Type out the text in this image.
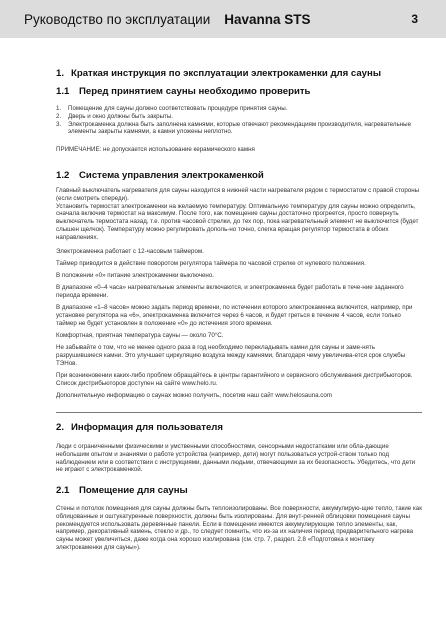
Руководство по эксплуатации Havanna STS	3
1. Краткая инструкция по эксплуатации электрокаменки для сауны
1.1 Перед принятием сауны необходимо проверить
1.	Помещение для сауны должно соответствовать процедуре принятия сауны.
2.	Дверь и окно должны быть закрыты.
3.	Электрокаменка должна быть заполнена камнями, которые отвечают рекомендациям производителя, нагревательные элементы закрыты камнями, а камни уложены неплотно.

ПРИМЕЧАНИЕ: не допускается использование керамического камня

1.2 Система управления электрокаменкой

Главный выключатель нагревателя для сауны находится в нижней части нагревателя рядом с термостатом с правой стороны (если смотреть спереди).
Установить термостат электрокаменки на желаемую температуру. Оптимальную температуру для сауны можно определить, сначала включив термостат на максимум. После того, как помещение сауны достаточно прогреется, просто повернуть выключатель термостата назад, т.е. против часовой стрелки, до тех пор, пока нагревательный элемент не выключится (будет слышен щелчок). Температуру можно регулировать дополь-но точно, слегка вращая регулятор термостата в обоих направлениях.

Электрокаменка работает с 12-часовым таймером.

Таймер приводится в действие поворотом регулятора таймера по часовой стрелке от нулевого положения.

В положении «0» питание электрокаменки выключено.

В диапазоне «0–4 часа» нагревательные элементы включаются, и электрокаменка будет работать в тече-ние заданного периода времени.

В диапазоне «1–8 часов» можно задать период времени, по истечении которого электрокаменка включится, например, при установке регулятора на «6», электрокаменка включится через 6 часов, и будет греться в течение 4 часов, если только таймер не будет установлен в положение «0» до истечения этого времени.

Комфортная, приятная температура сауны — около 70°С.

Не забывайте о том, что не менее одного раза в год необходимо перекладывать камни для сауны и заме-нять разрушившиеся камни. Это улучшает циркуляцию воздуха между камнями, благодаря чему увеличива-ется срок службы ТЭНов.

При возникновении каких-либо проблем обращайтесь в центры гарантийного и сервисного обслуживания дистрибьюторов. Список дистрибьюторов доступен на сайте www.helo.ru.

Дополнительную информацию о саунах можно получить, посетив наш сайт www.helosauna.com

2. Информация для пользователя

Люди с ограниченными физическими и умственными способностями, сенсорными недостатками или обла-дающие небольшим опытом и знаниями о работе устройства (например, дети) могут пользоваться устрой-ством только под наблюдением или в соответствии с инструкциями, данными людьми, отвечающими за их безопасность. Убедитесь, что дети не играют с электрокаменкой.

2.1 Помещение для сауны

Стены и потолок помещения для сауны должны быть теплоизолированы. Все поверхности, аккумулирую-щие тепло, такие как облицованные и оштукатуренные поверхности, должны быть изолированы. Для внут-ренней облицовки помещения сауны рекомендуется использовать деревянные панели. Если в помещении имеются аккумулирующие тепло элементы, как, например, декоративный камень, стекло и др., то следует помнить, что из-за их наличия период предварительного нагрева сауны может увеличиться, даже когда она хорошо изолирована (см. стр. 7, раздел. 2.8 «Подготовка к монтажу электрокаменки для сауны»).
